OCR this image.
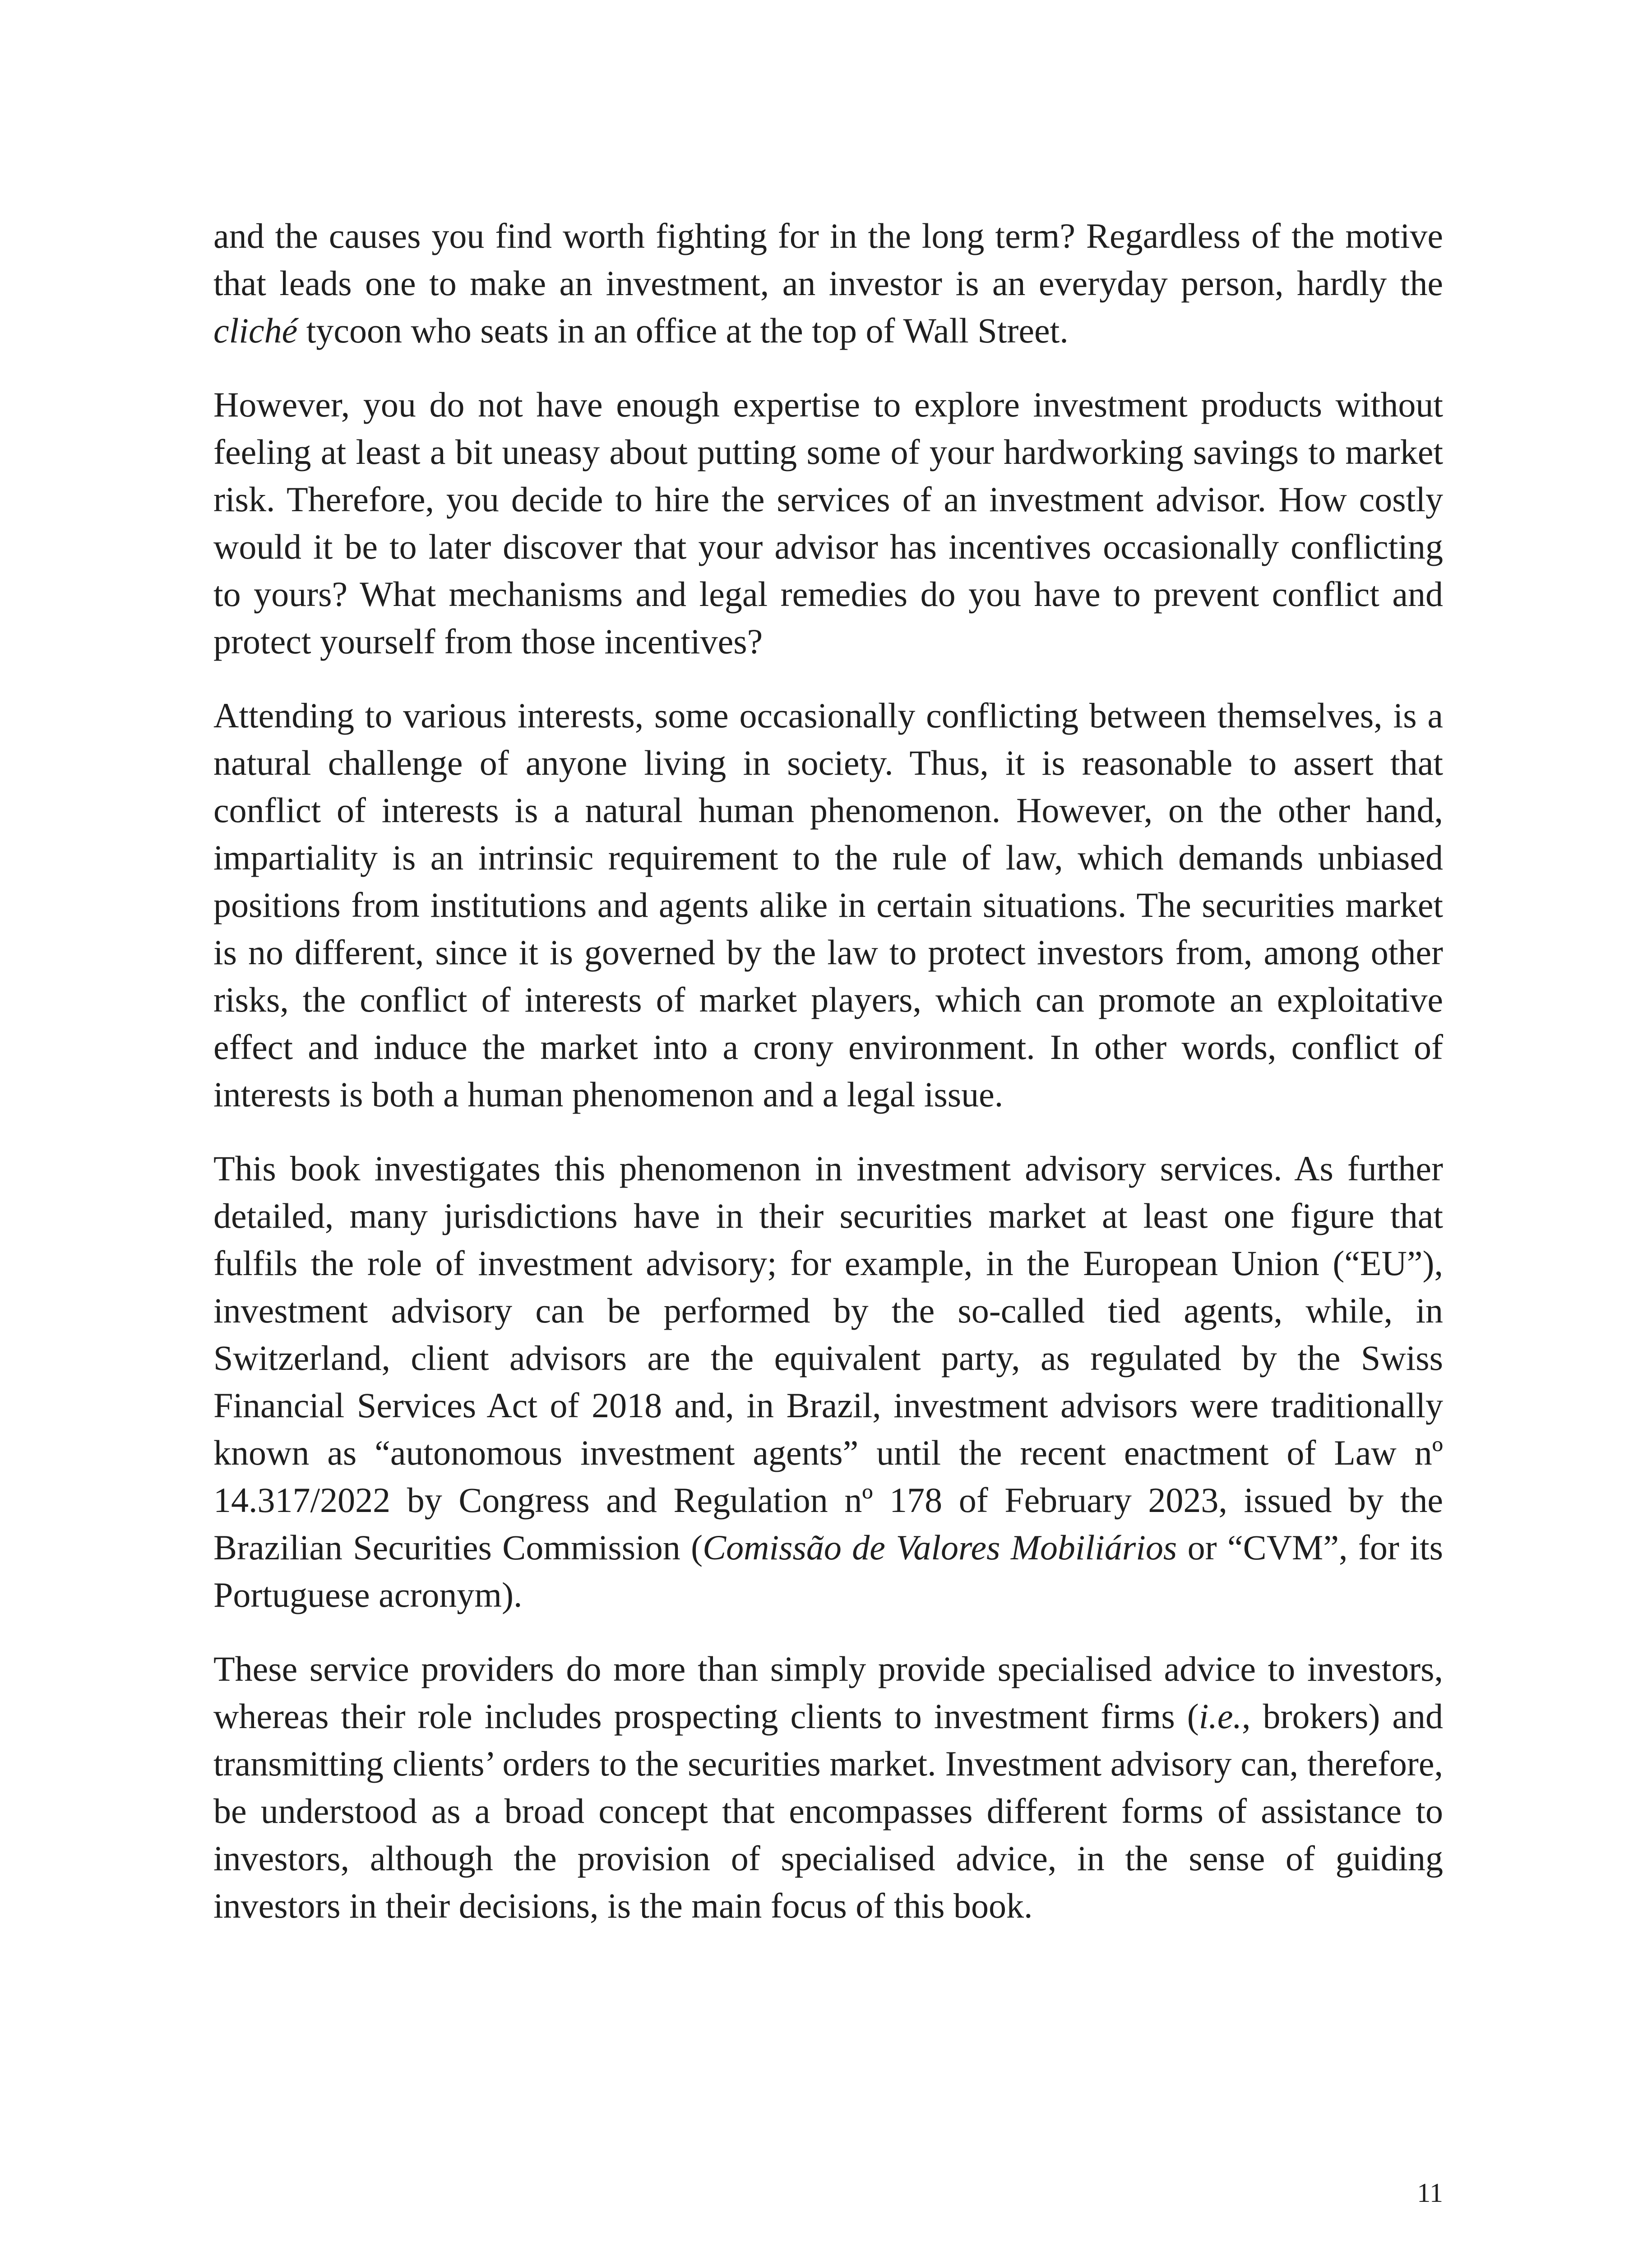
and the causes you find worth fighting for in the long term? Regardless of the motive that leads one to make an investment, an investor is an everyday person, hardly the cliché tycoon who seats in an office at the top of Wall Street.

However, you do not have enough expertise to explore investment products without feeling at least a bit uneasy about putting some of your hardworking savings to market risk. Therefore, you decide to hire the services of an investment advisor. How costly would it be to later discover that your advisor has incentives occasionally conflicting to yours? What mechanisms and legal remedies do you have to prevent conflict and protect yourself from those incentives?

Attending to various interests, some occasionally conflicting between themselves, is a natural challenge of anyone living in society. Thus, it is reasonable to assert that conflict of interests is a natural human phenomenon. However, on the other hand, impartiality is an intrinsic requirement to the rule of law, which demands unbiased positions from institutions and agents alike in certain situations. The securities market is no different, since it is governed by the law to protect investors from, among other risks, the conflict of interests of market players, which can promote an exploitative effect and induce the market into a crony environment. In other words, conflict of interests is both a human phenomenon and a legal issue.

This book investigates this phenomenon in investment advisory services. As further detailed, many jurisdictions have in their securities market at least one figure that fulfils the role of investment advisory; for example, in the European Union (“EU”), investment advisory can be performed by the so-called tied agents, while, in Switzerland, client advisors are the equivalent party, as regulated by the Swiss Financial Services Act of 2018 and, in Brazil, investment advisors were traditionally known as “autonomous investment agents” until the recent enactment of Law nº 14.317/2022 by Congress and Regulation nº 178 of February 2023, issued by the Brazilian Securities Commission (Comissão de Valores Mobiliários or “CVM”, for its Portuguese acronym).

These service providers do more than simply provide specialised advice to investors, whereas their role includes prospecting clients to investment firms (i.e., brokers) and transmitting clients’ orders to the securities market. Investment advisory can, therefore, be understood as a broad concept that encompasses different forms of assistance to investors, although the provision of specialised advice, in the sense of guiding investors in their decisions, is the main focus of this book.

11
